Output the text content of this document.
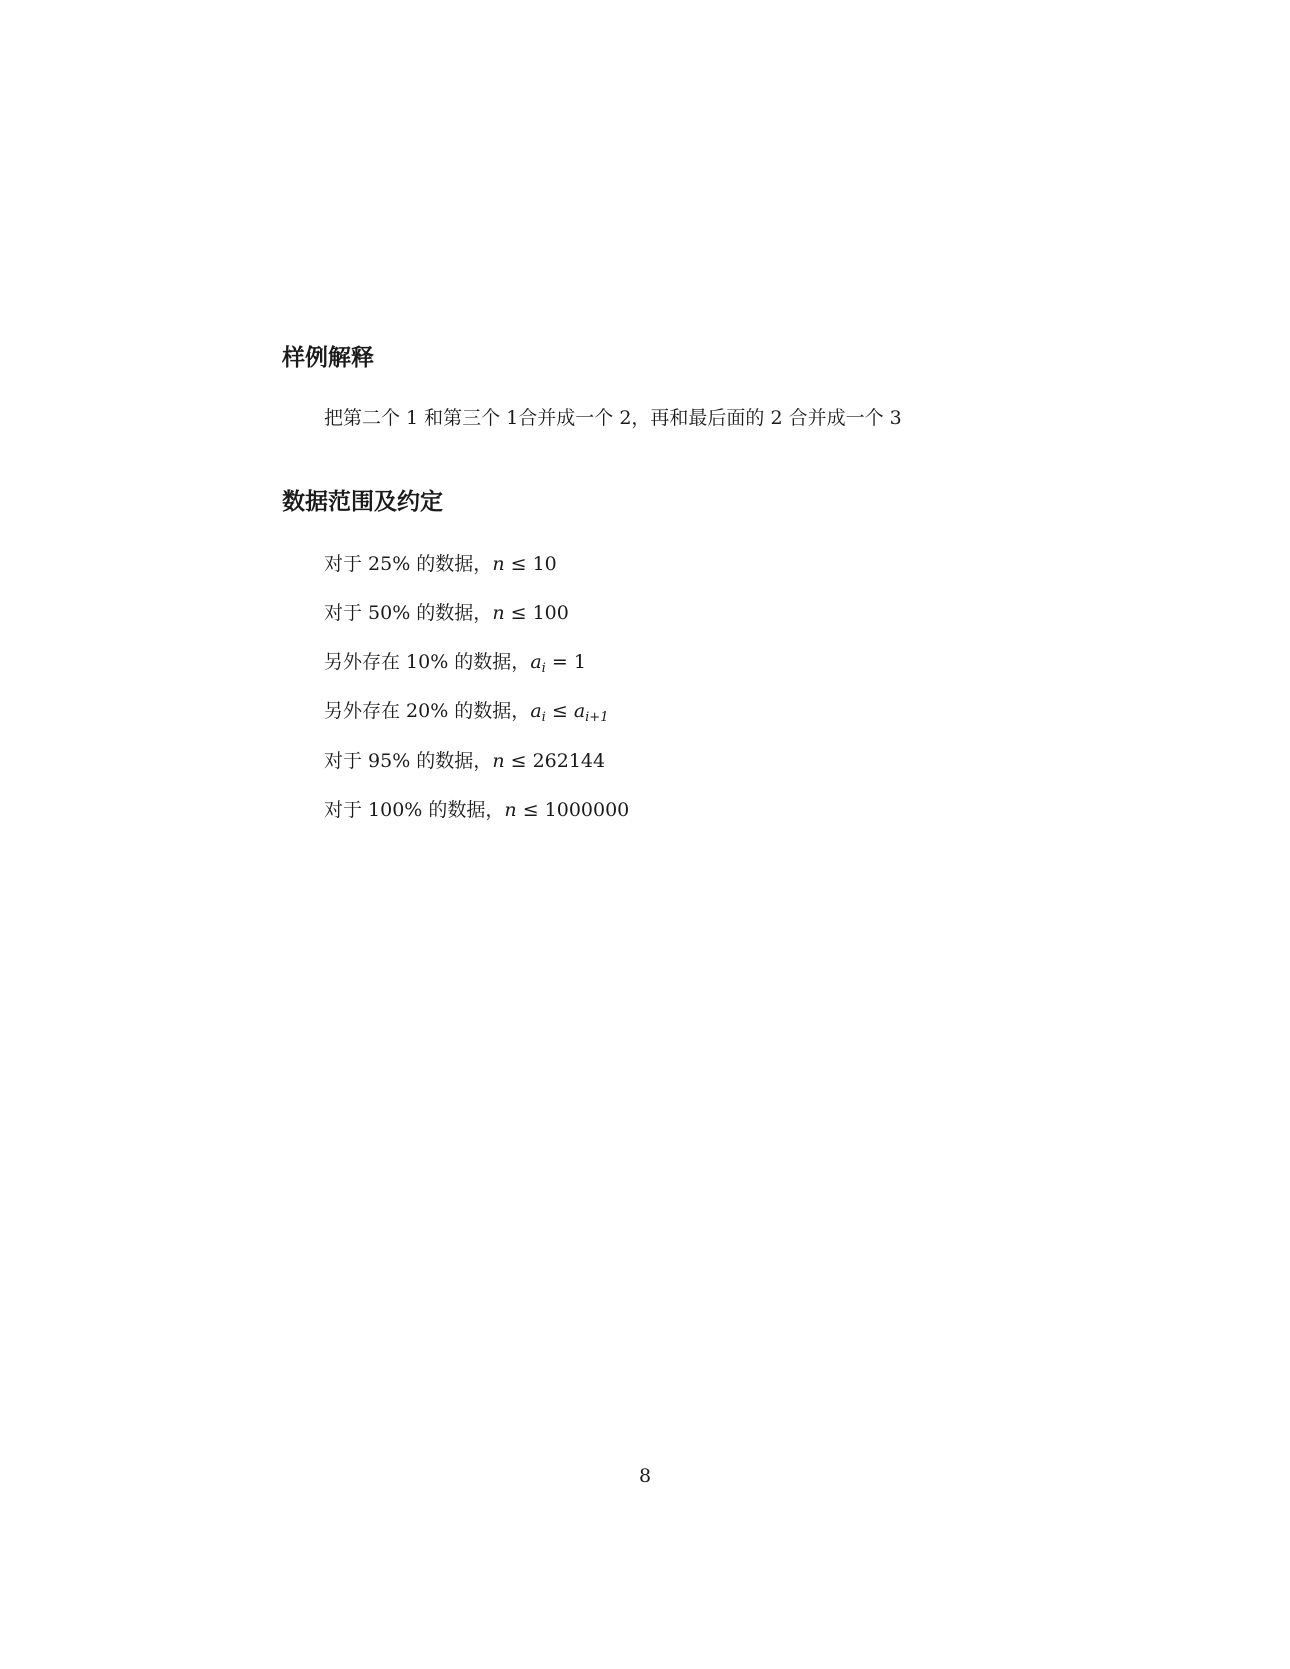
样例解释

把第二个 1 和第三个 1合并成一个 2，再和最后面的 2 合并成一个 3

数据范围及约定

对于 25% 的数据，n ≤ 10

对于 50% 的数据，n ≤ 100

另外存在 10% 的数据，$a_i = 1$

另外存在 20% 的数据，$a_i \le a_{i+1}$

对于 95% 的数据，n ≤ 262144

对于 100% 的数据，n ≤ 1000000

8
